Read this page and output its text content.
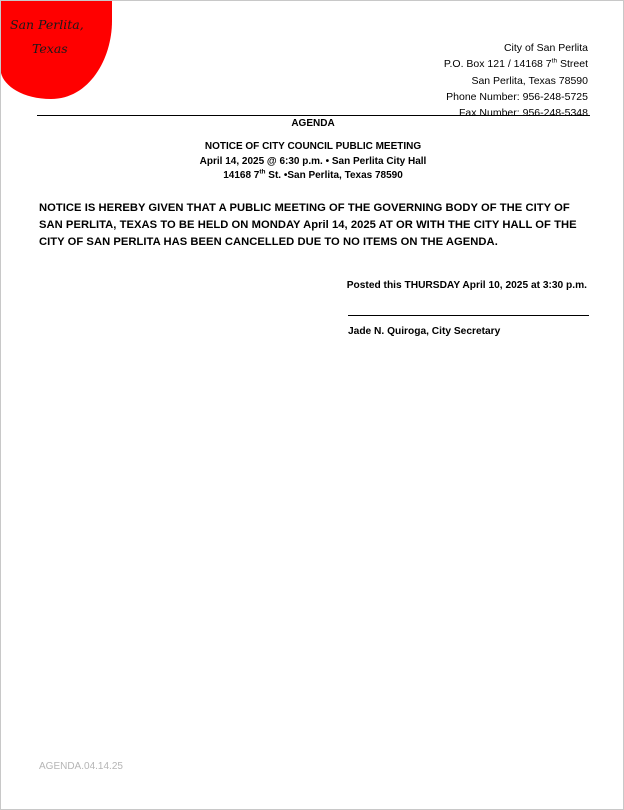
San Perlita,
Texas	City of San Perlita
P.O. Box 121 / 14168 7th Street
San Perlita, Texas 78590
Phone Number: 956-248-5725
Fax Number: 956-248-5348
AGENDA
NOTICE OF CITY COUNCIL PUBLIC MEETING
April 14, 2025 @ 6:30 p.m. • San Perlita City Hall
14168 7th St. •San Perlita, Texas 78590
NOTICE IS HEREBY GIVEN THAT A PUBLIC MEETING OF THE GOVERNING BODY OF THE CITY OF SAN PERLITA, TEXAS TO BE HELD ON MONDAY April 14, 2025 AT OR WITH THE CITY HALL OF THE CITY OF SAN PERLITA HAS BEEN CANCELLED DUE TO NO ITEMS ON THE AGENDA.
Posted this THURSDAY April 10, 2025 at 3:30 p.m.
Jade N. Quiroga, City Secretary
AGENDA.04.14.25
